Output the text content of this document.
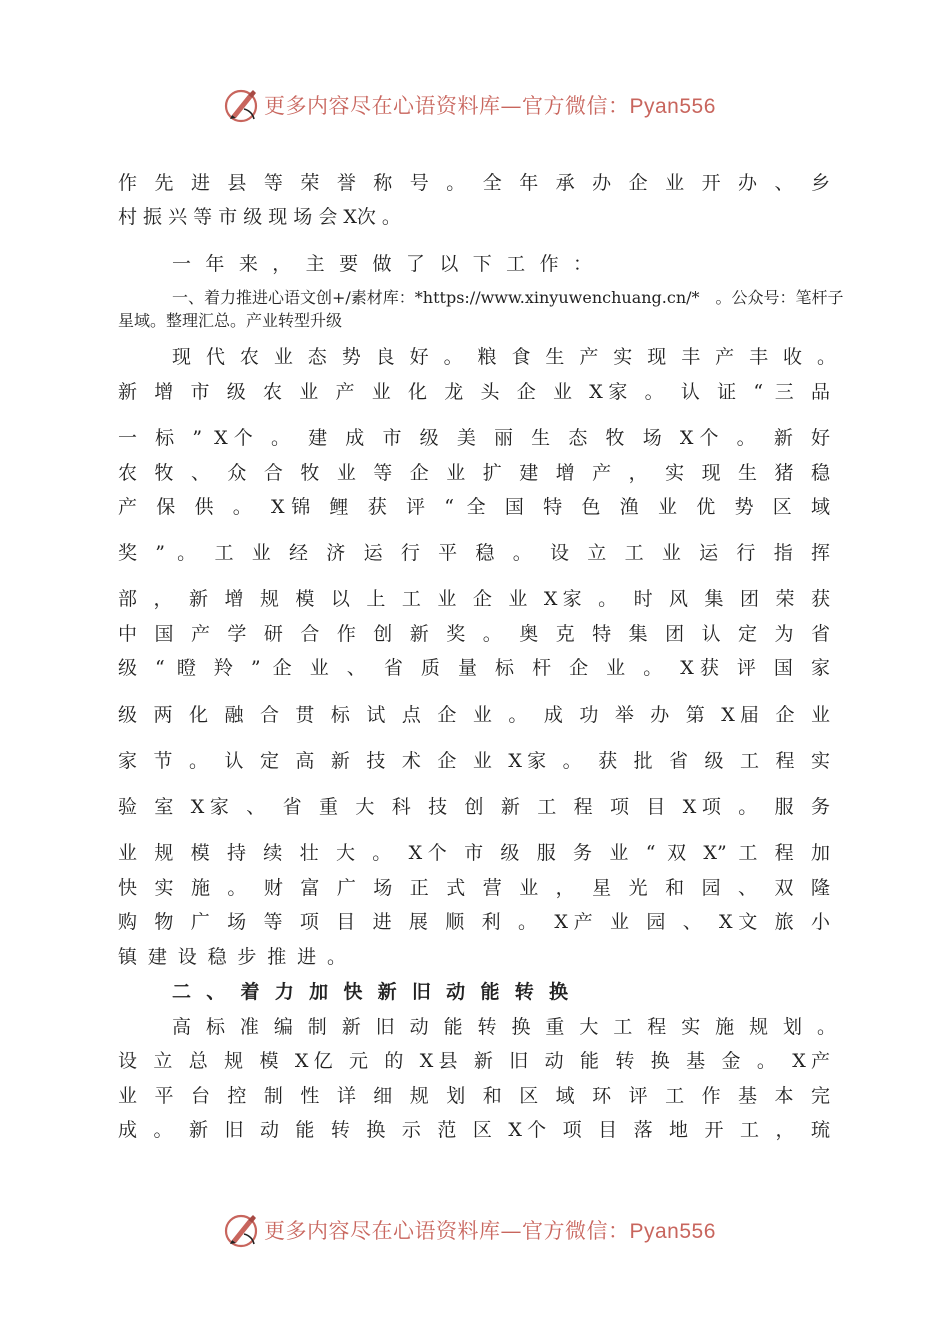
更多内容尽在心语资料库—官方微信：Pyan556
作 先 进 县 等 荣 誉 称 号 。 全 年 承 办 企 业 开 办 、 乡
村 振 兴 等 市 级 现 场 会 X次 。
一 年 来 ， 主 要 做 了 以 下 工 作 ：
一、着力推进心语文创+/素材库：*https://www.xinyuwenchuang.cn/*　。公众号：笔杆子
星域。整理汇总。产业转型升级
现 代 农 业 态 势 良 好 。 粮 食 生 产 实 现 丰 产 丰 收 。
新 增 市 级 农 业 产 业 化 龙 头 企 业 X家 。 认 证 “ 三 品
一 标 ” X个 。 建 成 市 级 美 丽 生 态 牧 场 X个 。 新 好
农 牧 、 众 合 牧 业 等 企 业 扩 建 增 产 ， 实 现 生 猪 稳
产 保 供 。 X锦 鲤 获 评 “ 全 国 特 色 渔 业 优 势 区 域
奖 ” 。 工 业 经 济 运 行 平 稳 。 设 立 工 业 运 行 指 挥
部 ， 新 增 规 模 以 上 工 业 企 业 X家 。 时 风 集 团 荣 获
中 国 产 学 研 合 作 创 新 奖 。 奥 克 特 集 团 认 定 为 省
级 “ 瞪 羚 ” 企 业 、 省 质 量 标 杆 企 业 。 X获 评 国 家
级 两 化 融 合 贯 标 试 点 企 业 。 成 功 举 办 第 X届 企 业
家 节 。 认 定 高 新 技 术 企 业 X家 。 获 批 省 级 工 程 实
验 室 X家 、 省 重 大 科 技 创 新 工 程 项 目 X项 。 服 务
业 规 模 持 续 壮 大 。 X个 市 级 服 务 业 “ 双 X” 工 程 加
快 实 施 。 财 富 广 场 正 式 营 业 ， 星 光 和 园 、 双 隆
购 物 广 场 等 项 目 进 展 顺 利 。 X产 业 园 、 X文 旅 小
镇 建 设 稳 步 推 进 。
二 、 着 力 加 快 新 旧 动 能 转 换
高 标 准 编 制 新 旧 动 能 转 换 重 大 工 程 实 施 规 划 。
设 立 总 规 模 X亿 元 的 X县 新 旧 动 能 转 换 基 金 。 X产
业 平 台 控 制 性 详 细 规 划 和 区 域 环 评 工 作 基 本 完
成 。 新 旧 动 能 转 换 示 范 区 X个 项 目 落 地 开 工 ， 琉
更多内容尽在心语资料库—官方微信：Pyan556
